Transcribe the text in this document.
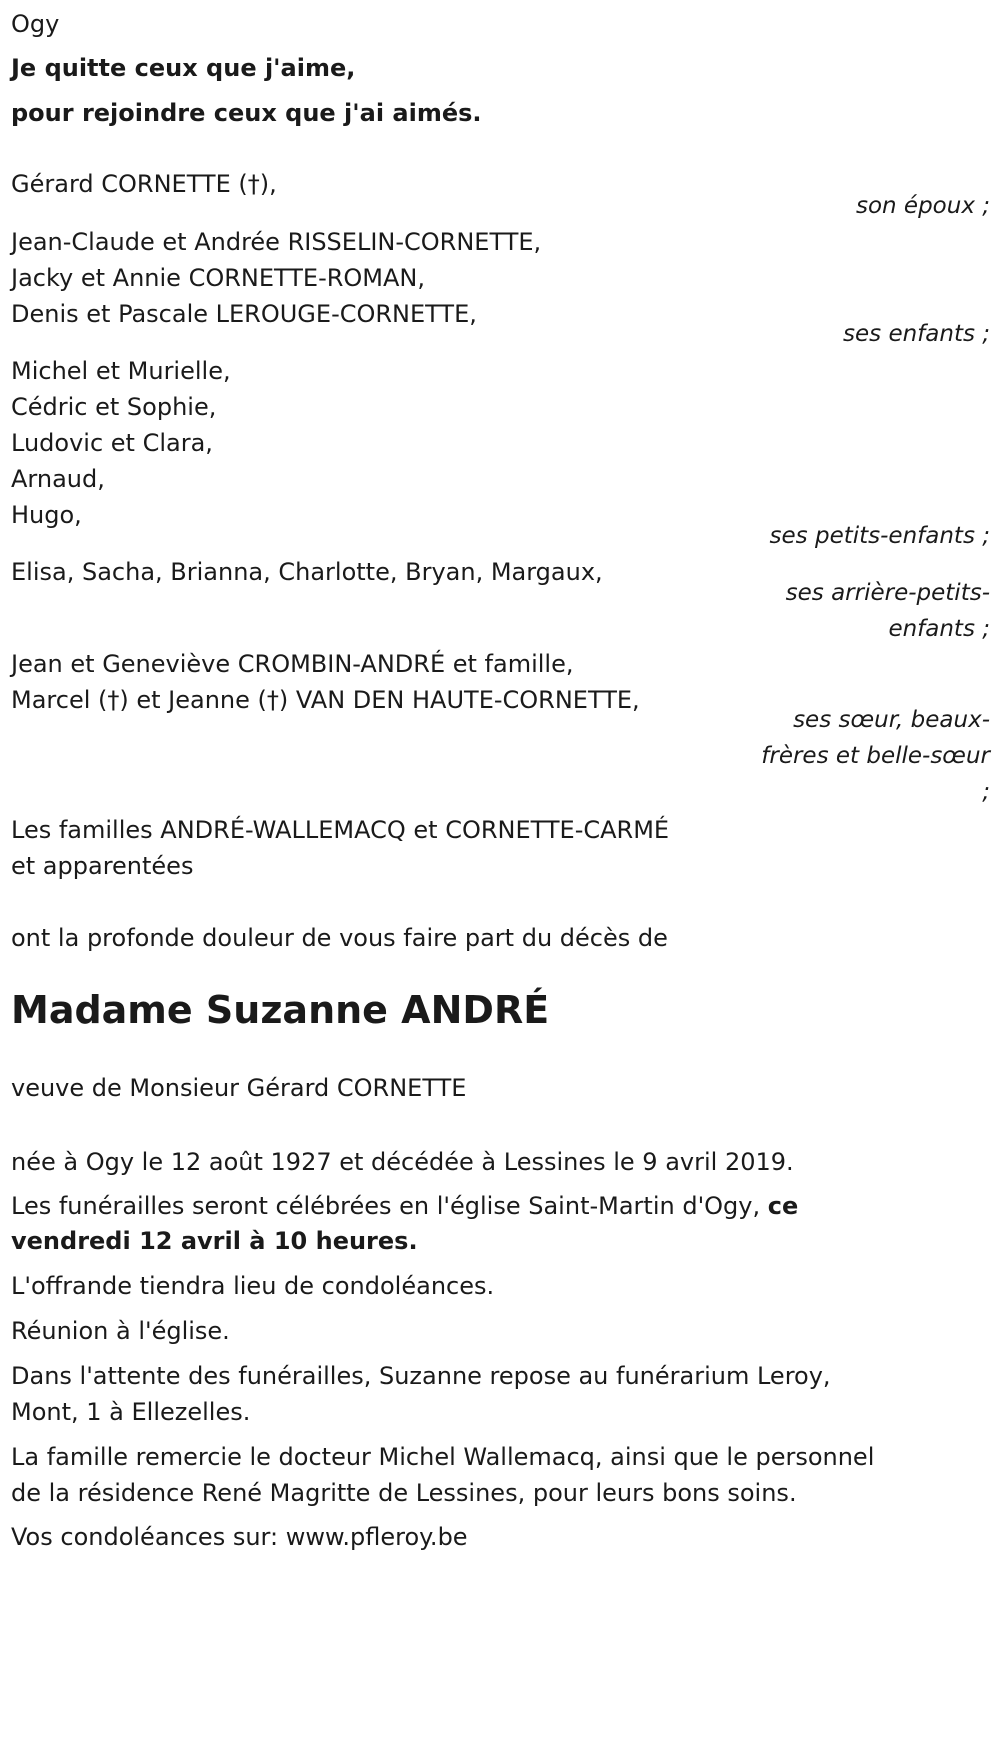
Ogy
Je quitte ceux que j'aime,
pour rejoindre ceux que j'ai aimés.
Gérard CORNETTE (†),
son époux ;
Jean-Claude et Andrée RISSELIN-CORNETTE,
Jacky et Annie CORNETTE-ROMAN,
Denis et Pascale LEROUGE-CORNETTE,
ses enfants ;
Michel et Murielle,
Cédric et Sophie,
Ludovic et Clara,
Arnaud,
Hugo,
ses petits-enfants ;
Elisa, Sacha, Brianna, Charlotte, Bryan, Margaux,
ses arrière-petits-enfants ;
Jean et Geneviève CROMBIN-ANDRÉ et famille,
Marcel (†) et Jeanne (†) VAN DEN HAUTE-CORNETTE,
ses sœur, beaux-frères et belle-sœur ;
Les familles ANDRÉ-WALLEMACQ et CORNETTE-CARMÉ
et apparentées
ont la profonde douleur de vous faire part du décès de
Madame Suzanne ANDRÉ
veuve de Monsieur Gérard CORNETTE
née à Ogy le 12 août 1927 et décédée à Lessines le 9 avril 2019.
Les funérailles seront célébrées en l'église Saint-Martin d'Ogy, ce
vendredi 12 avril à 10 heures.
L'offrande tiendra lieu de condoléances.
Réunion à l'église.
Dans l'attente des funérailles, Suzanne repose au funérarium Leroy,
Mont, 1 à Ellezelles.
La famille remercie le docteur Michel Wallemacq, ainsi que le personnel
de la résidence René Magritte de Lessines, pour leurs bons soins.
Vos condoléances sur: www.pfleroy.be
